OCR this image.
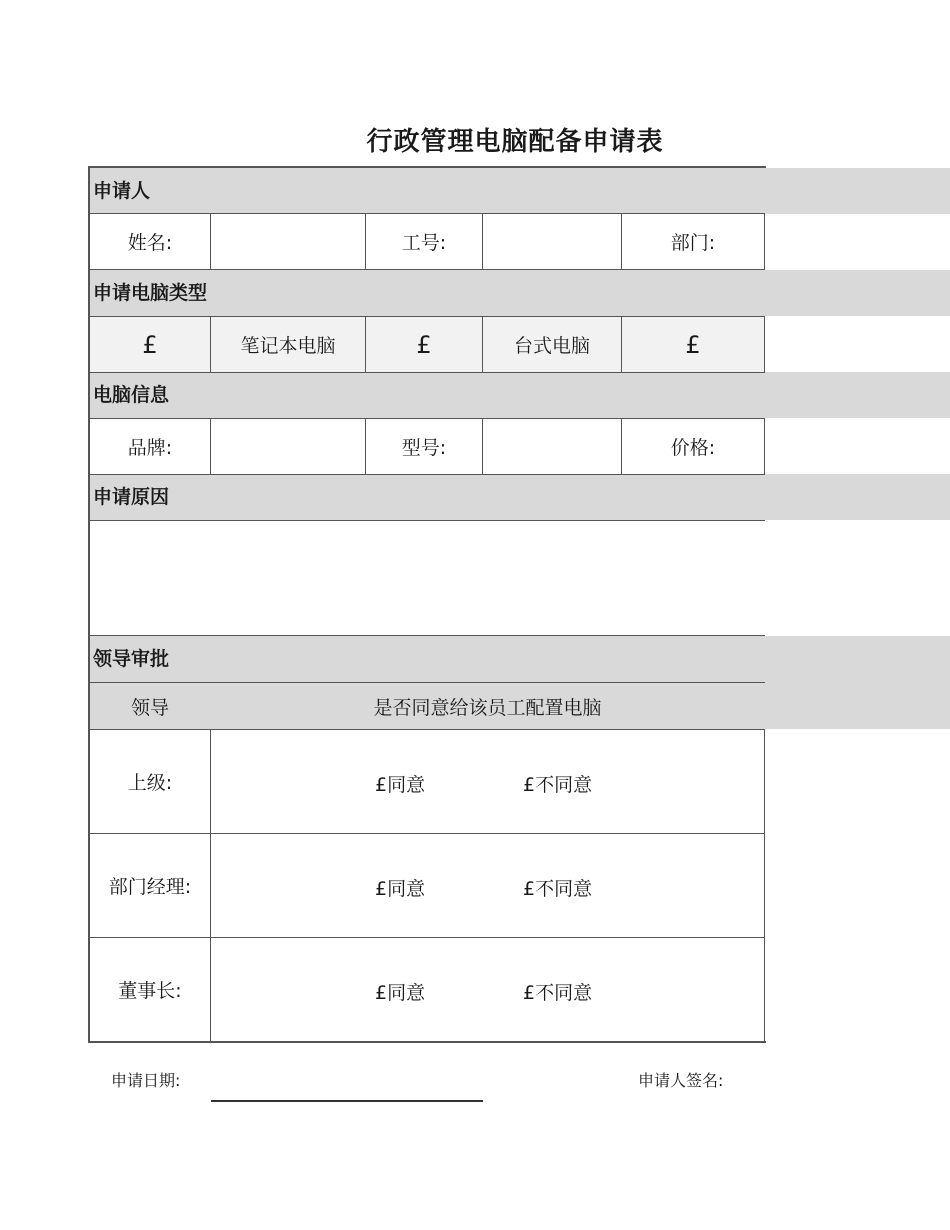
行政管理电脑配备申请表
申请人
申请电脑类型
电脑信息
申请原因
领导审批
姓名:	工号:	部门:
£	笔记本电脑	£	台式电脑	£
品牌:	型号:	价格:
领导	是否同意给该员工配置电脑
上级:	£同意	£不同意
部门经理:	£同意	£不同意
董事长:	£同意	£不同意
申请日期:	申请人签名:
